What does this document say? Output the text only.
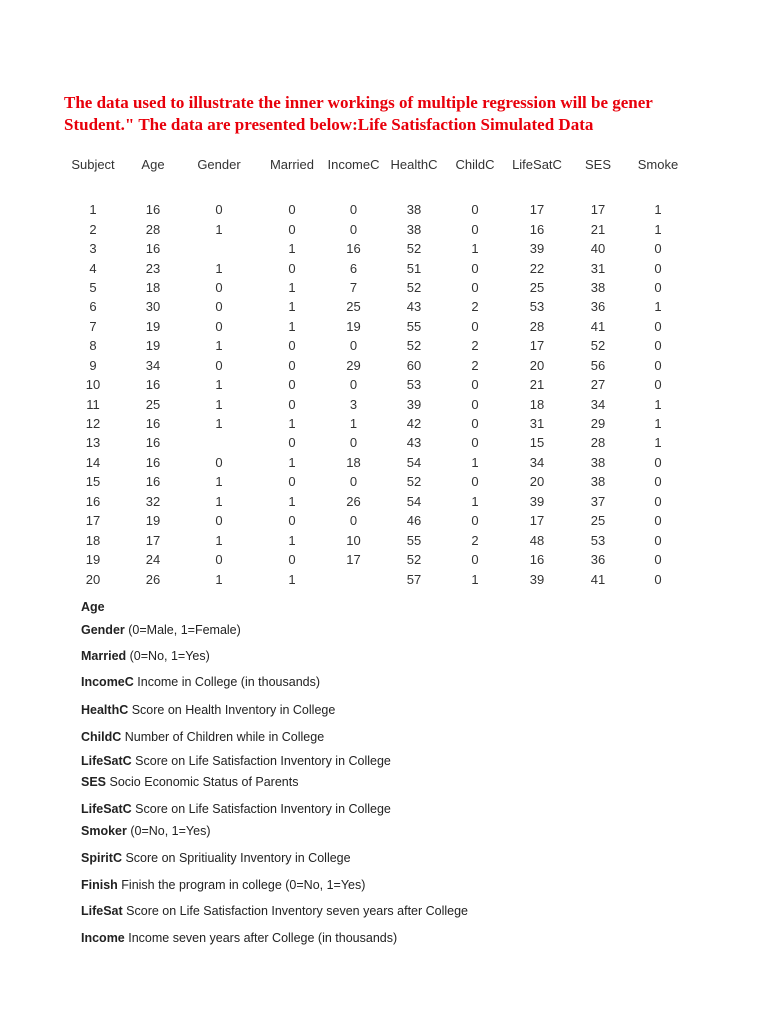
The data used to illustrate the inner workings of multiple regression will be gener
Student." The data are presented below:Life Satisfaction Simulated Data
Subject	Age	Gender	Married	IncomeC	HealthC	ChildC	LifeSatC	SES	Smoke
1	16	0	0	0	38	0	17	17	1
2	28	1	0	0	38	0	16	21	1
3	16		1	16	52	1	39	40	0
4	23	1	0	6	51	0	22	31	0
5	18	0	1	7	52	0	25	38	0
6	30	0	1	25	43	2	53	36	1
7	19	0	1	19	55	0	28	41	0
8	19	1	0	0	52	2	17	52	0
9	34	0	0	29	60	2	20	56	0
10	16	1	0	0	53	0	21	27	0
11	25	1	0	3	39	0	18	34	1
12	16	1	1	1	42	0	31	29	1
13	16		0	0	43	0	15	28	1
14	16	0	1	18	54	1	34	38	0
15	16	1	0	0	52	0	20	38	0
16	32	1	1	26	54	1	39	37	0
17	19	0	0	0	46	0	17	25	0
18	17	1	1	10	55	2	48	53	0
19	24	0	0	17	52	0	16	36	0
20	26	1	1		57	1	39	41	0
Age
Gender (0=Male, 1=Female)
Married (0=No, 1=Yes)
IncomeC Income in College (in thousands)
HealthC Score on Health Inventory in College
ChildC Number of Children while in College
LifeSatC Score on Life Satisfaction Inventory in College
SES Socio Economic Status of Parents
LifeSatC Score on Life Satisfaction Inventory in College
Smoker (0=No, 1=Yes)
SpiritC Score on Spritiuality Inventory in College
Finish Finish the program in college (0=No, 1=Yes)
LifeSat Score on Life Satisfaction Inventory seven years after College
Income Income seven years after College (in thousands)
